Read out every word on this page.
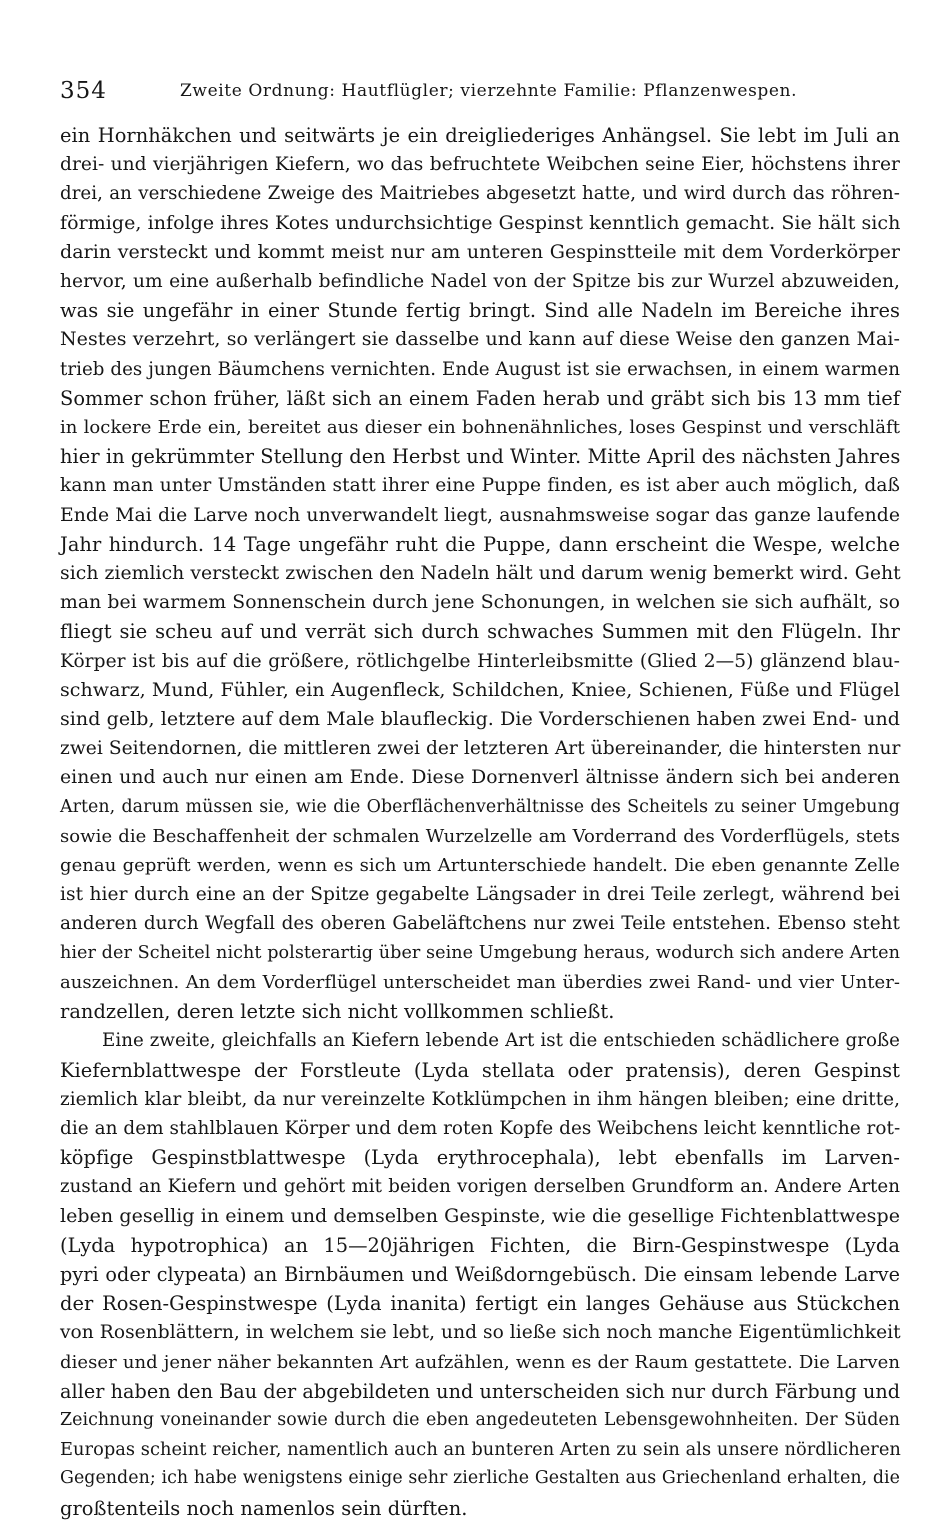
354	Zweite Ordnung: Hautflügler; vierzehnte Familie: Pflanzenwespen.

ein Hornhäkchen und seitwärts je ein dreigliederiges Anhängsel. Sie lebt im Juli an

drei- und vierjährigen Kiefern, wo das befruchtete Weibchen seine Eier, höchstens ihrer

drei, an verschiedene Zweige des Maitriebes abgesetzt hatte, und wird durch das röhren-

förmige, infolge ihres Kotes undurchsichtige Gespinst kenntlich gemacht. Sie hält sich

darin versteckt und kommt meist nur am unteren Gespinstteile mit dem Vorderkörper

hervor, um eine außerhalb befindliche Nadel von der Spitze bis zur Wurzel abzuweiden,

was sie ungefähr in einer Stunde fertig bringt. Sind alle Nadeln im Bereiche ihres

Nestes verzehrt, so verlängert sie dasselbe und kann auf diese Weise den ganzen Mai-

trieb des jungen Bäumchens vernichten. Ende August ist sie erwachsen, in einem warmen

Sommer schon früher, läßt sich an einem Faden herab und gräbt sich bis 13 mm tief

in lockere Erde ein, bereitet aus dieser ein bohnenähnliches, loses Gespinst und verschläft

hier in gekrümmter Stellung den Herbst und Winter. Mitte April des nächsten Jahres

kann man unter Umständen statt ihrer eine Puppe finden, es ist aber auch möglich, daß

Ende Mai die Larve noch unverwandelt liegt, ausnahmsweise sogar das ganze laufende

Jahr hindurch. 14 Tage ungefähr ruht die Puppe, dann erscheint die Wespe, welche

sich ziemlich versteckt zwischen den Nadeln hält und darum wenig bemerkt wird. Geht

man bei warmem Sonnenschein durch jene Schonungen, in welchen sie sich aufhält, so

fliegt sie scheu auf und verrät sich durch schwaches Summen mit den Flügeln. Ihr

Körper ist bis auf die größere, rötlichgelbe Hinterleibsmitte (Glied 2—5) glänzend blau-

schwarz, Mund, Fühler, ein Augenfleck, Schildchen, Kniee, Schienen, Füße und Flügel

sind gelb, letztere auf dem Male blaufleckig. Die Vorderschienen haben zwei End- und

zwei Seitendornen, die mittleren zwei der letzteren Art übereinander, die hintersten nur

einen und auch nur einen am Ende. Diese Dornenverl ältnisse ändern sich bei anderen

Arten, darum müssen sie, wie die Oberflächenverhältnisse des Scheitels zu seiner Umgebung

sowie die Beschaffenheit der schmalen Wurzelzelle am Vorderrand des Vorderflügels, stets

genau geprüft werden, wenn es sich um Artunterschiede handelt. Die eben genannte Zelle

ist hier durch eine an der Spitze gegabelte Längsader in drei Teile zerlegt, während bei

anderen durch Wegfall des oberen Gabeläftchens nur zwei Teile entstehen. Ebenso steht

hier der Scheitel nicht polsterartig über seine Umgebung heraus, wodurch sich andere Arten

auszeichnen. An dem Vorderflügel unterscheidet man überdies zwei Rand- und vier Unter-

randzellen, deren letzte sich nicht vollkommen schließt.

Eine zweite, gleichfalls an Kiefern lebende Art ist die entschieden schädlichere große

Kiefernblattwespe der Forstleute (Lyda stellata oder pratensis), deren Gespinst

ziemlich klar bleibt, da nur vereinzelte Kotklümpchen in ihm hängen bleiben; eine dritte,

die an dem stahlblauen Körper und dem roten Kopfe des Weibchens leicht kenntliche rot-

köpfige Gespinstblattwespe (Lyda erythrocephala), lebt ebenfalls im Larven-

zustand an Kiefern und gehört mit beiden vorigen derselben Grundform an. Andere Arten

leben gesellig in einem und demselben Gespinste, wie die gesellige Fichtenblattwespe

(Lyda hypotrophica) an 15—20jährigen Fichten, die Birn-Gespinstwespe (Lyda

pyri oder clypeata) an Birnbäumen und Weißdorngebüsch. Die einsam lebende Larve

der Rosen-Gespinstwespe (Lyda inanita) fertigt ein langes Gehäuse aus Stückchen

von Rosenblättern, in welchem sie lebt, und so ließe sich noch manche Eigentümlichkeit

dieser und jener näher bekannten Art aufzählen, wenn es der Raum gestattete. Die Larven

aller haben den Bau der abgebildeten und unterscheiden sich nur durch Färbung und

Zeichnung voneinander sowie durch die eben angedeuteten Lebensgewohnheiten. Der Süden

Europas scheint reicher, namentlich auch an bunteren Arten zu sein als unsere nördlicheren

Gegenden; ich habe wenigstens einige sehr zierliche Gestalten aus Griechenland erhalten, die

großtenteils noch namenlos sein dürften.
